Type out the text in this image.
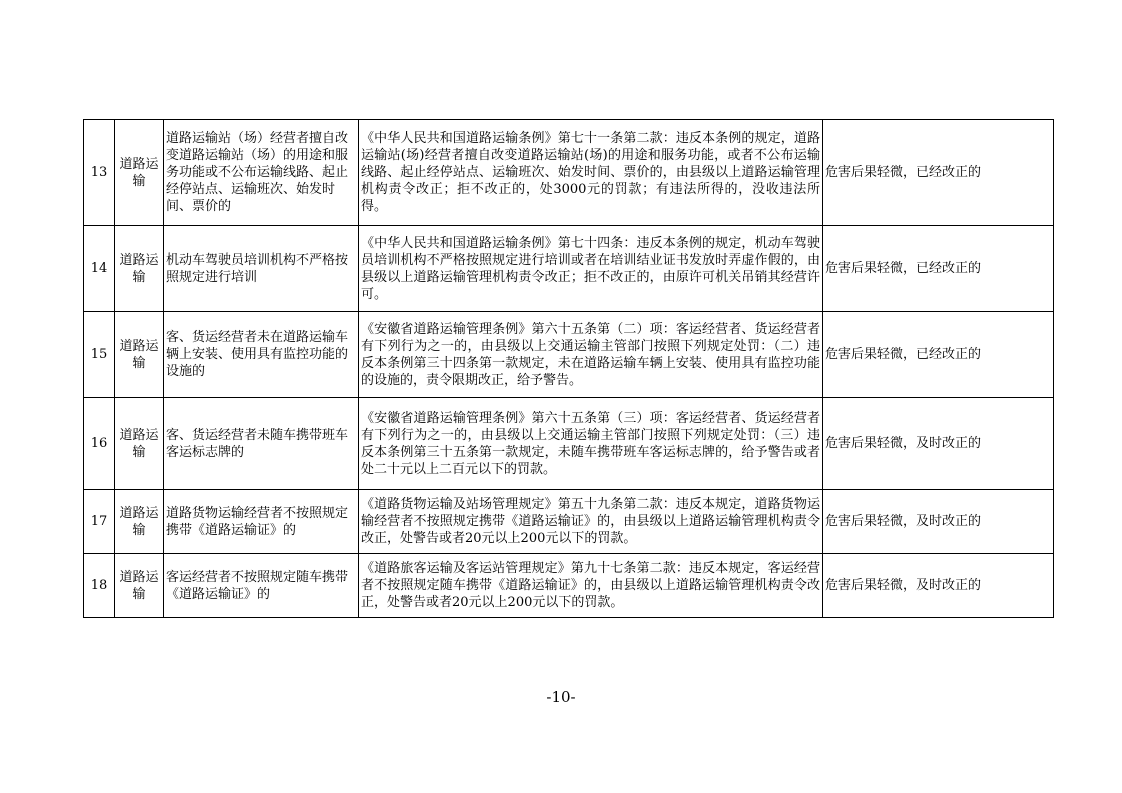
13	道路运输	道路运输站（场）经营者擅自改变道路运输站（场）的用途和服务功能或不公布运输线路、起止经停站点、运输班次、始发时间、票价的	《中华人民共和国道路运输条例》第七十一条第二款：违反本条例的规定，道路运输站(场)经营者擅自改变道路运输站(场)的用途和服务功能，或者不公布运输线路、起止经停站点、运输班次、始发时间、票价的，由县级以上道路运输管理机构责令改正；拒不改正的，处3000元的罚款；有违法所得的，没收违法所得。	危害后果轻微，已经改正的
14	道路运输	机动车驾驶员培训机构不严格按照规定进行培训	《中华人民共和国道路运输条例》第七十四条：违反本条例的规定，机动车驾驶员培训机构不严格按照规定进行培训或者在培训结业证书发放时弄虚作假的，由县级以上道路运输管理机构责令改正；拒不改正的，由原许可机关吊销其经营许可。	危害后果轻微，已经改正的
15	道路运输	客、货运经营者未在道路运输车辆上安装、使用具有监控功能的设施的	《安徽省道路运输管理条例》第六十五条第（二）项：客运经营者、货运经营者有下列行为之一的，由县级以上交通运输主管部门按照下列规定处罚：（二）违反本条例第三十四条第一款规定，未在道路运输车辆上安装、使用具有监控功能的设施的，责令限期改正，给予警告。	危害后果轻微，已经改正的
16	道路运输	客、货运经营者未随车携带班车客运标志牌的	《安徽省道路运输管理条例》第六十五条第（三）项：客运经营者、货运经营者有下列行为之一的，由县级以上交通运输主管部门按照下列规定处罚：（三）违反本条例第三十五条第一款规定，未随车携带班车客运标志牌的，给予警告或者处二十元以上二百元以下的罚款。	危害后果轻微，及时改正的
17	道路运输	道路货物运输经营者不按照规定携带《道路运输证》的	《道路货物运输及站场管理规定》第五十九条第二款：违反本规定，道路货物运输经营者不按照规定携带《道路运输证》的，由县级以上道路运输管理机构责令改正，处警告或者20元以上200元以下的罚款。	危害后果轻微，及时改正的
18	道路运输	客运经营者不按照规定随车携带《道路运输证》的	《道路旅客运输及客运站管理规定》第九十七条第二款：违反本规定，客运经营者不按照规定随车携带《道路运输证》的，由县级以上道路运输管理机构责令改正，处警告或者20元以上200元以下的罚款。	危害后果轻微，及时改正的
-10-
